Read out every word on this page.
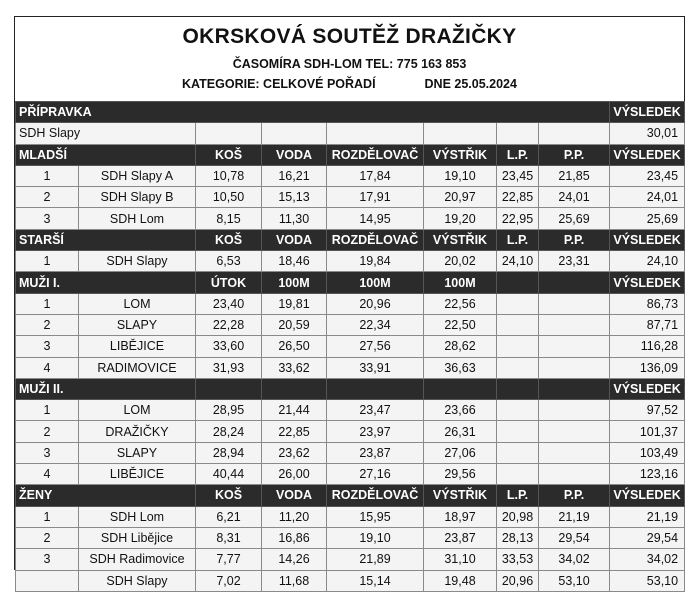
OKRSKOVÁ SOUTĚŽ DRAŽIČKY
ČASOMÍRA SDH-LOM TEL: 775 163 853
KATEGORIE: CELKOVÉ POŘADÍ	DNE 25.05.2024
PŘÍPRAVKA								VÝSLEDEK
SDH Slapy								30,01
MLADŠÍ		KOŠ	VODA	ROZDĚLOVAČ	VÝSTŘIK	L.P.	P.P.	VÝSLEDEK
1	SDH Slapy A	10,78	16,21	17,84	19,10	23,45	21,85	23,45
2	SDH Slapy B	10,50	15,13	17,91	20,97	22,85	24,01	24,01
3	SDH Lom	8,15	11,30	14,95	19,20	22,95	25,69	25,69
STARŠÍ		KOŠ	VODA	ROZDĚLOVAČ	VÝSTŘIK	L.P.	P.P.	VÝSLEDEK
1	SDH Slapy	6,53	18,46	19,84	20,02	24,10	23,31	24,10
MUŽI I.		ÚTOK	100M	100M	100M			VÝSLEDEK
1	LOM	23,40	19,81	20,96	22,56			86,73
2	SLAPY	22,28	20,59	22,34	22,50			87,71
3	LIBĚJICE	33,60	26,50	27,56	28,62			116,28
4	RADIMOVICE	31,93	33,62	33,91	36,63			136,09
MUŽI II.								VÝSLEDEK
1	LOM	28,95	21,44	23,47	23,66			97,52
2	DRAŽIČKY	28,24	22,85	23,97	26,31			101,37
3	SLAPY	28,94	23,62	23,87	27,06			103,49
4	LIBĚJICE	40,44	26,00	27,16	29,56			123,16
ŽENY		KOŠ	VODA	ROZDĚLOVAČ	VÝSTŘIK	L.P.	P.P.	VÝSLEDEK
1	SDH Lom	6,21	11,20	15,95	18,97	20,98	21,19	21,19
2	SDH Liběјice	8,31	16,86	19,10	23,87	28,13	29,54	29,54
3	SDH Radimovice	7,77	14,26	21,89	31,10	33,53	34,02	34,02
	SDH Slapy	7,02	11,68	15,14	19,48	20,96	53,10	53,10
